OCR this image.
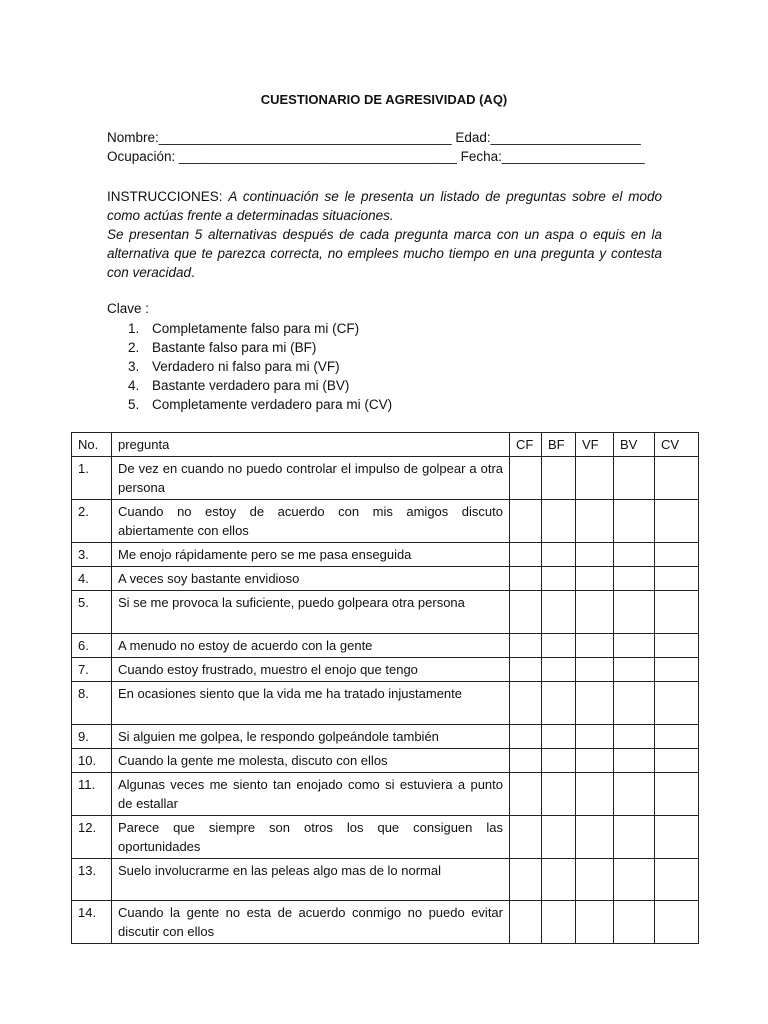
CUESTIONARIO DE AGRESIVIDAD (AQ)
Nombre:_______________________________________ Edad:____________________
Ocupación: _____________________________________ Fecha:___________________
INSTRUCCIONES: A continuación se le presenta un listado de preguntas sobre el modo como actúas frente a determinadas situaciones.
Se presentan 5 alternativas después de cada pregunta marca con un aspa o equis en la alternativa que te parezca correcta, no emplees mucho tiempo en una pregunta y contesta con veracidad.
Clave :
1. Completamente falso para mi (CF)
2. Bastante falso para mi (BF)
3. Verdadero ni falso para mi (VF)
4. Bastante verdadero para mi (BV)
5. Completamente verdadero para mi (CV)
No.	pregunta	CF	BF	VF	BV	CV
1.	De vez en cuando no puedo controlar el impulso de golpear a otra persona					
2.	Cuando no estoy de acuerdo con mis amigos discuto abiertamente con ellos					
3.	Me enojo rápidamente pero se me pasa enseguida					
4.	A veces soy bastante envidioso					
5.	Si se me provoca la suficiente, puedo golpeara otra persona					
6.	A menudo no estoy de acuerdo con la gente					
7.	Cuando estoy frustrado, muestro el enojo que tengo					
8.	En ocasiones siento que la vida me ha tratado injustamente					
9.	Si alguien me golpea, le respondo golpeándole también					
10.	Cuando la gente me molesta, discuto con ellos					
11.	Algunas veces me siento tan enojado como si estuviera a punto de estallar					
12.	Parece que siempre son otros los que consiguen las oportunidades					
13.	Suelo involucrarme en las peleas algo mas de lo normal					
14.	Cuando la gente no esta de acuerdo conmigo no puedo evitar discutir con ellos					
